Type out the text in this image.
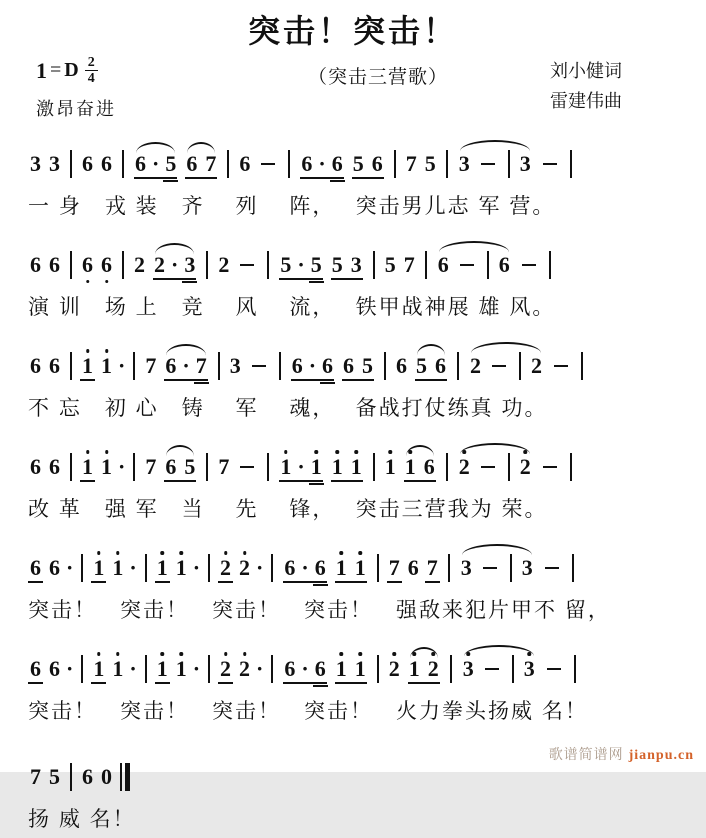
突击！突击！
1 = D $\frac{2}{4}$
激昂奋进
（突击三营歌）	刘小健词
雷建伟曲
3 3 6 6 6 · 5 6 7 6 6 · 6 5 6 7 5 3 3
一 身　戎 装　齐　 列　 阵，　 突击男儿志 军 营。
6 6 6 6 2 2 · 3 2 5 · 5 5 3 5 7 6 6
演 训　场 上　竞　 风　 流，　 铁甲战神展 雄 风。
6 6 1 1 · 7 6 · 7 3 6 · 6 6 5 6 5 6 2 2
不 忘　初 心　铸　 军　 魂，　 备战打仗练真 功。
6 6 1 1 · 7 6 5 7 1 · 1 1 1 1 1 6 2 2
改 革　强 军　当　 先　 锋，　 突击三营我为 荣。
6 6 · 1 1 · 1 1 · 2 2 · 6 · 6 1 1 7 6 7 3 3
突击！　突击！　突击！　突击！　强敌来犯片甲不 留，
6 6 · 1 1 · 1 1 · 2 2 · 6 · 6 1 1 2 1 2 3 3
突击！　突击！　突击！　突击！　火力拳头扬威 名！
7 5 6 0
扬 威 名！
歌谱简谱网 jianpu.cn
